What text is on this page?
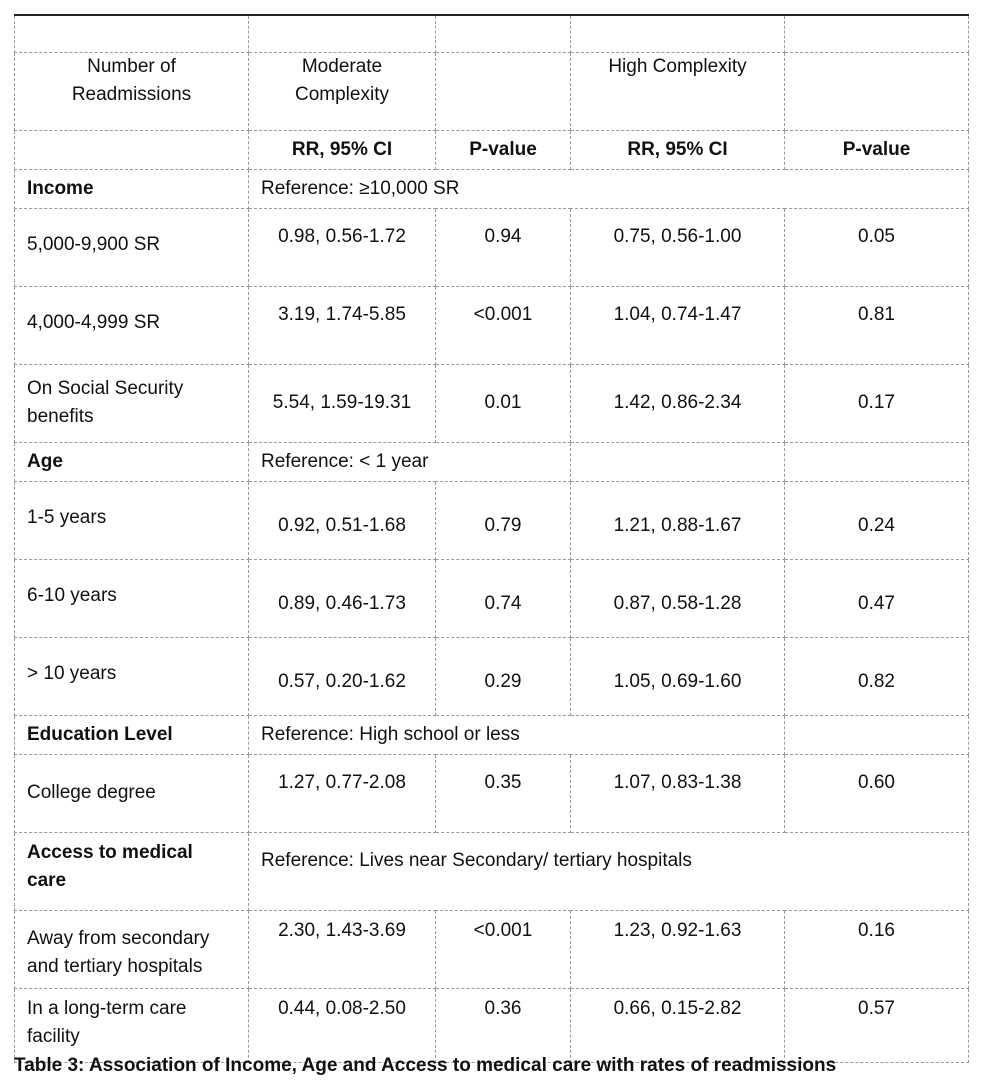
Number of Readmissions	Moderate Complexity		High Complexity	
	RR, 95% CI	P-value	RR, 95% CI	P-value
Income	Reference: ≥10,000 SR			
5,000-9,900 SR	0.98, 0.56-1.72	0.94	0.75, 0.56-1.00	0.05
4,000-4,999 SR	3.19, 1.74-5.85	<0.001	1.04, 0.74-1.47	0.81
On Social Security benefits	5.54, 1.59-19.31	0.01	1.42, 0.86-2.34	0.17
Age	Reference: < 1 year			
1-5 years	0.92, 0.51-1.68	0.79	1.21, 0.88-1.67	0.24
6-10 years	0.89, 0.46-1.73	0.74	0.87, 0.58-1.28	0.47
> 10 years	0.57, 0.20-1.62	0.29	1.05, 0.69-1.60	0.82
Education Level	Reference: High school or less			
College degree	1.27, 0.77-2.08	0.35	1.07, 0.83-1.38	0.60
Access to medical care	Reference: Lives near Secondary/ tertiary hospitals			
Away from secondary and tertiary hospitals	2.30, 1.43-3.69	<0.001	1.23, 0.92-1.63	0.16
In a long-term care facility	0.44, 0.08-2.50	0.36	0.66, 0.15-2.82	0.57
Table 3: Association of Income, Age and Access to medical care with rates of readmissions
